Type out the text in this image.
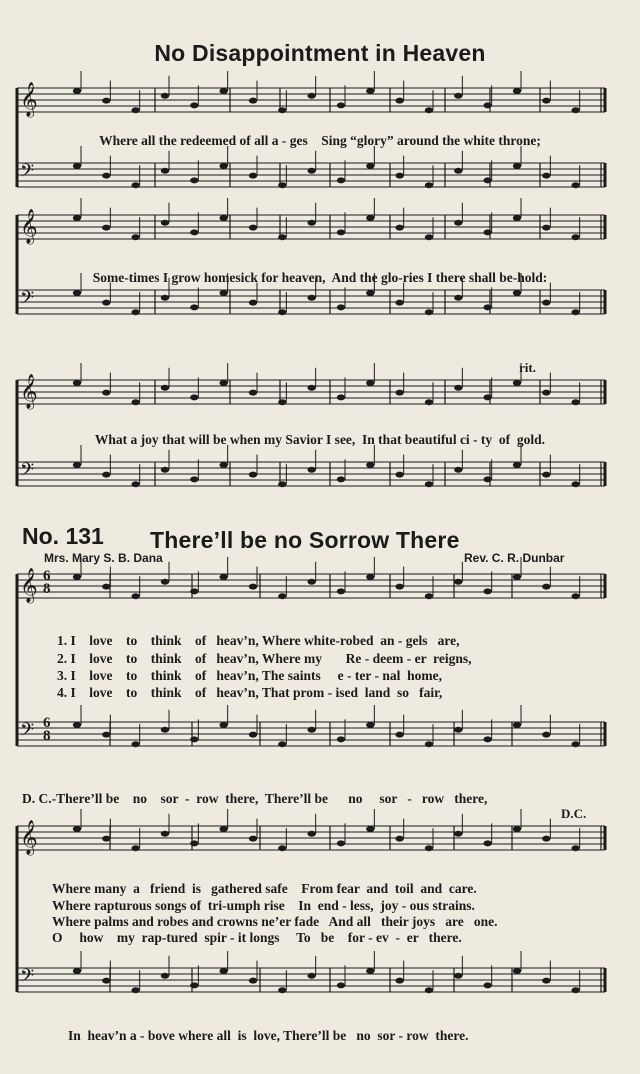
No Disappointment in Heaven
𝄞
𝄢
𝄞
𝄢
𝄞
𝄢
𝄞
𝄢
𝄞
𝄢
Where all the redeemed of all a - ges    Sing “glory” around the white throne;
Some-times I grow homesick for heaven,  And the glo-ries I there shall be-hold:
rit.
What a joy that will be when my Savior I see,  In that beautiful ci - ty  of  gold.
No. 131 There’ll be no Sorrow There
Mrs. Mary S. B. Dana	Rev. C. R. Dunbar
1. I    love    to    think    of   heav’n, Where white-robed  an - gels   are,
2. I    love    to    think    of   heav’n, Where my       Re - deem - er  reigns,
3. I    love    to    think    of   heav’n, The saints     e - ter - nal  home,
4. I    love    to    think    of   heav’n, That prom - ised  land  so   fair,
D. C.-There’ll be    no    sor  -  row  there,  There’ll be      no     sor   -   row   there,
D.C.
Where many  a   friend  is   gathered safe    From fear  and  toil  and  care.
Where rapturous songs of  tri-umph rise    In  end - less,  joy - ous strains.
Where palms and robes and crowns ne’er fade   And all   their joys   are   one.
O     how    my  rap-tured  spir - it longs     To   be    for - ev  -  er   there.
In  heav’n a - bove where all  is  love, There’ll be   no  sor - row  there.
6
8
6
8
